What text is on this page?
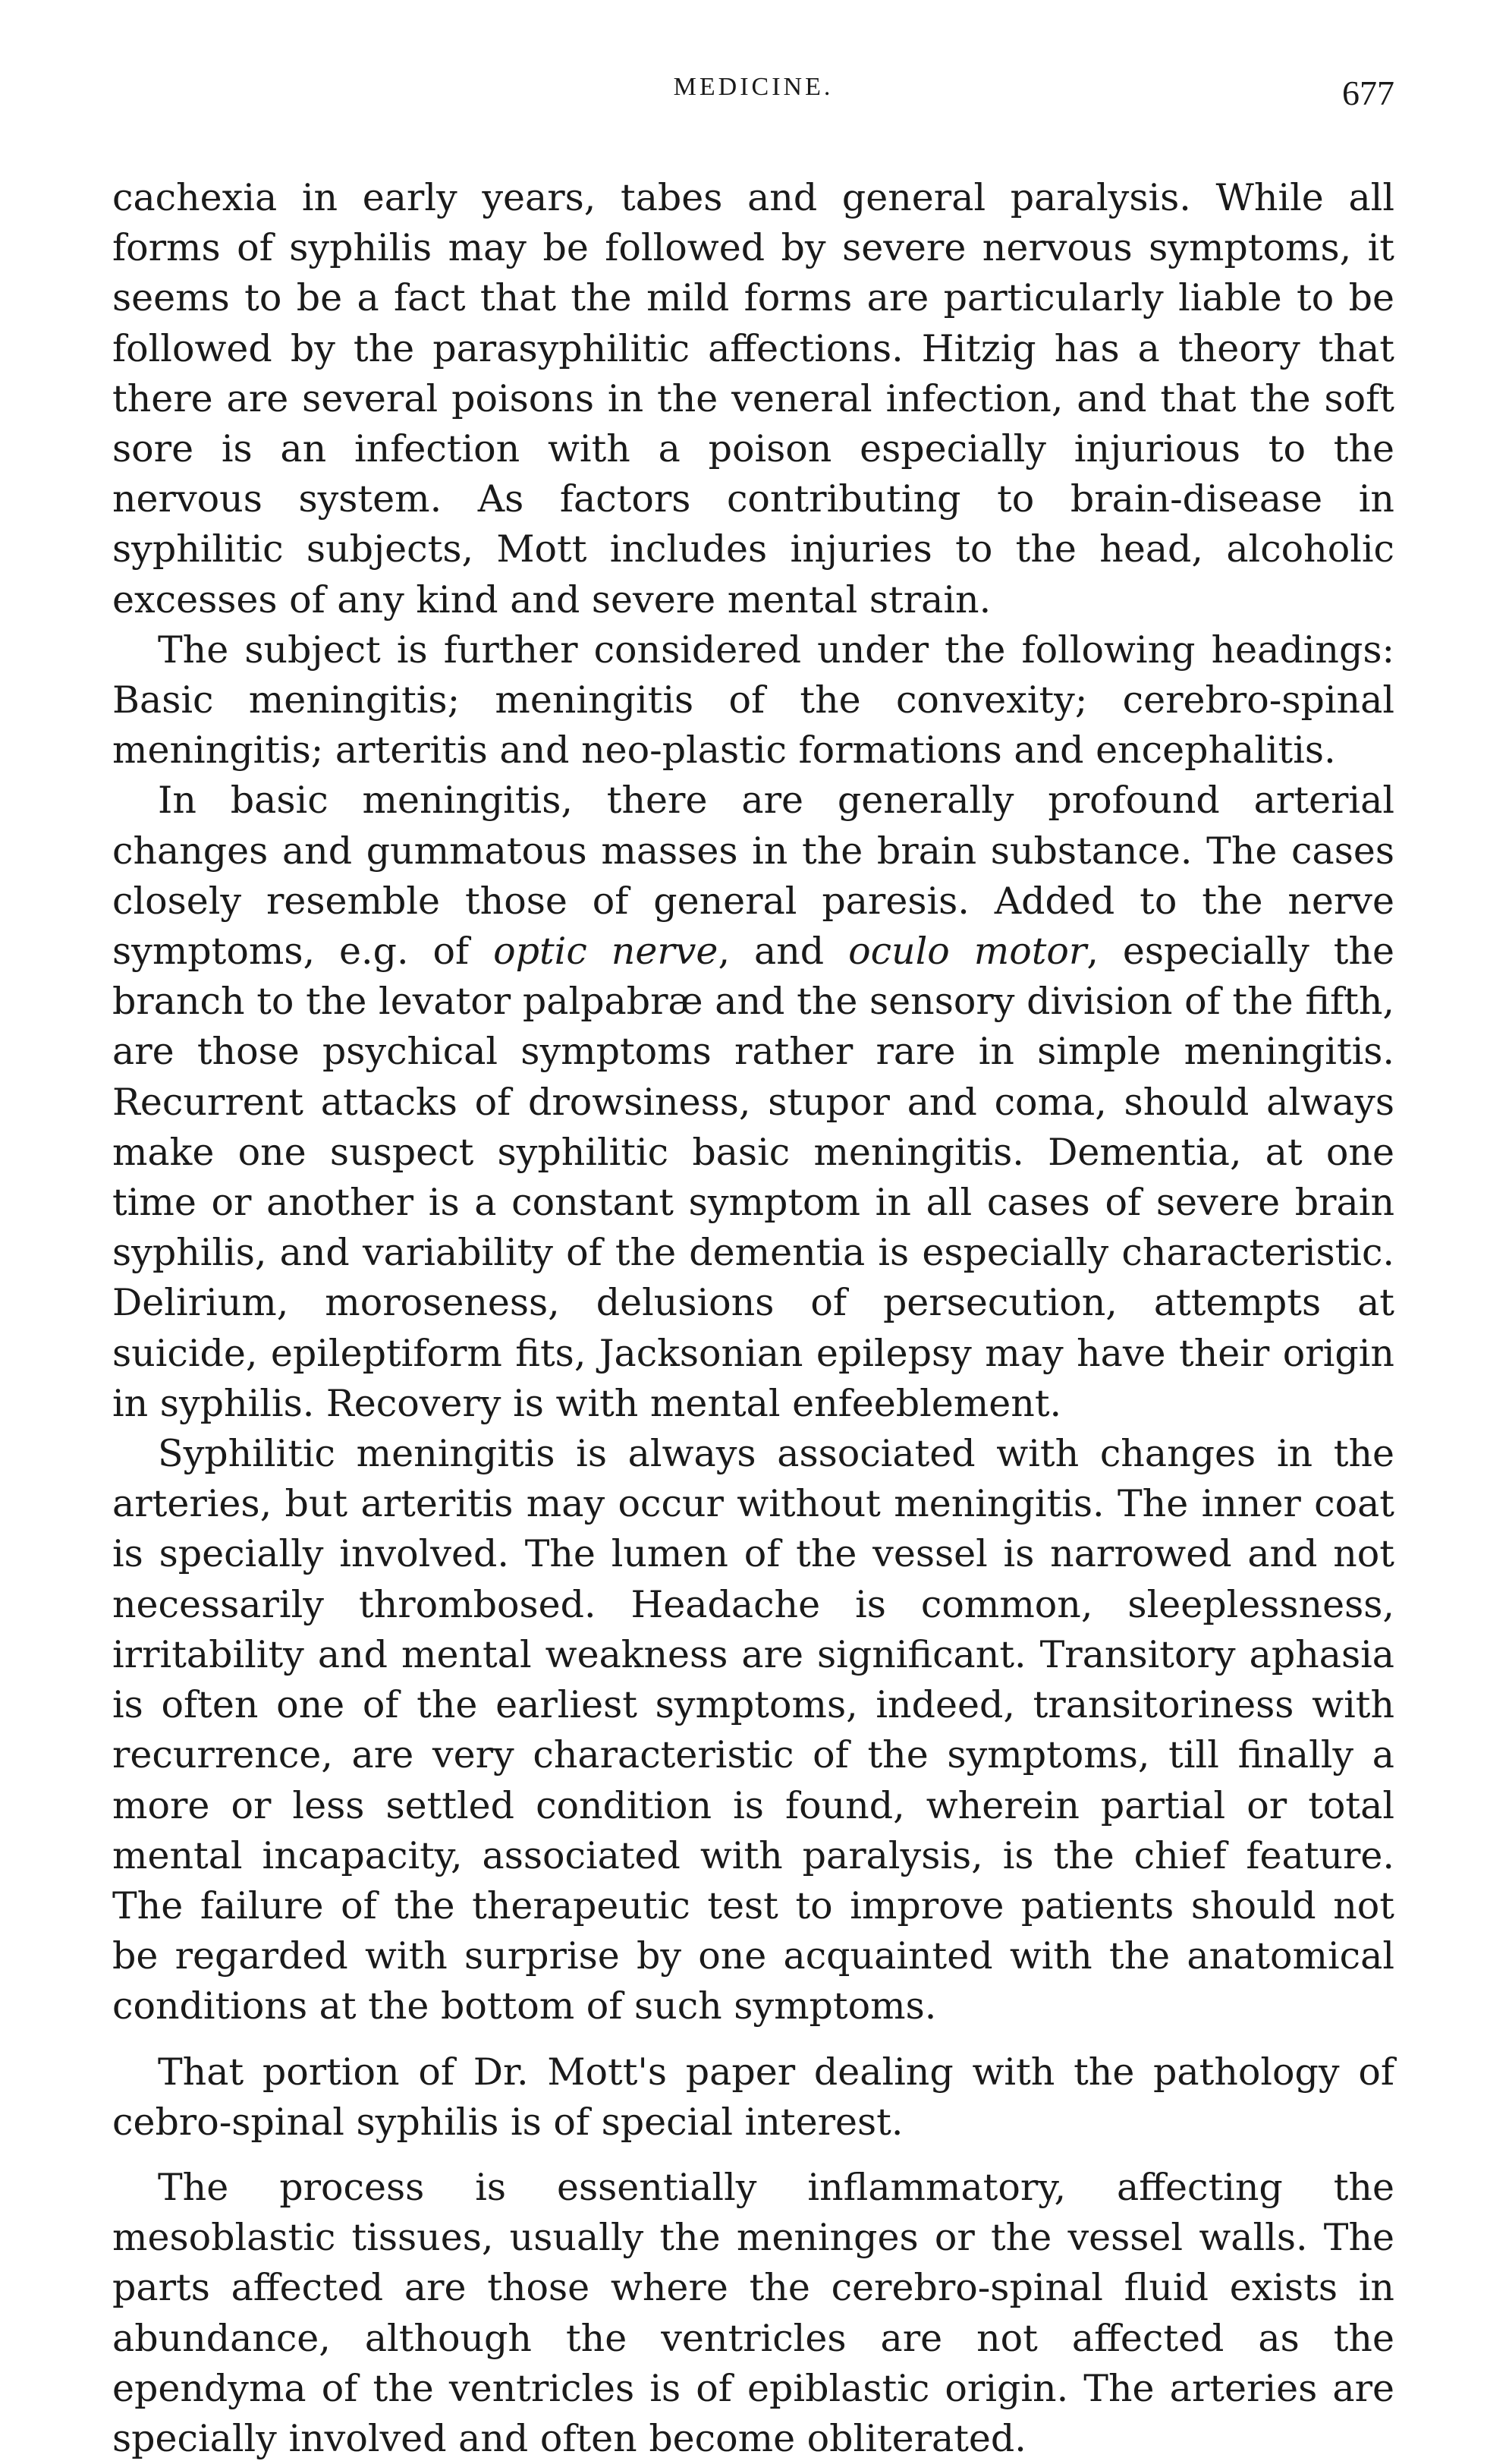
MEDICINE.	677

cachexia in early years, tabes and general paralysis. While all forms of syphilis may be followed by severe nervous symptoms, it seems to be a fact that the mild forms are particularly liable to be followed by the parasyphilitic affections. Hitzig has a theory that there are several poisons in the veneral infection, and that the soft sore is an infection with a poison especially injurious to the nervous system. As factors contributing to brain-disease in syphilitic subjects, Mott includes injuries to the head, alcoholic excesses of any kind and severe mental strain.

The subject is further considered under the following headings: Basic meningitis; meningitis of the convexity; cerebro-spinal meningitis; arteritis and neo-plastic formations and encephalitis.

In basic meningitis, there are generally profound arterial changes and gummatous masses in the brain substance. The cases closely resemble those of general paresis. Added to the nerve symptoms, e.g. of optic nerve, and oculo motor, especially the branch to the levator palpabræ and the sensory division of the fifth, are those psychical symptoms rather rare in simple meningitis. Recurrent attacks of drowsiness, stupor and coma, should always make one suspect syphilitic basic meningitis. Dementia, at one time or another is a constant symptom in all cases of severe brain syphilis, and variability of the dementia is especially characteristic. Delirium, moroseness, delusions of persecution, attempts at suicide, epileptiform fits, Jacksonian epilepsy may have their origin in syphilis. Recovery is with mental enfeeblement.

Syphilitic meningitis is always associated with changes in the arteries, but arteritis may occur without meningitis. The inner coat is specially involved. The lumen of the vessel is narrowed and not necessarily thrombosed. Headache is common, sleeplessness, irritability and mental weakness are significant. Transitory aphasia is often one of the earliest symptoms, indeed, transitoriness with recurrence, are very characteristic of the symptoms, till finally a more or less settled condition is found, wherein partial or total mental incapacity, associated with paralysis, is the chief feature. The failure of the therapeutic test to improve patients should not be regarded with surprise by one acquainted with the anatomical conditions at the bottom of such symptoms.

That portion of Dr. Mott's paper dealing with the pathology of cebro-spinal syphilis is of special interest.

The process is essentially inflammatory, affecting the mesoblastic tissues, usually the meninges or the vessel walls. The parts affected are those where the cerebro-spinal fluid exists in abundance, although the ventricles are not affected as the ependyma of the ventricles is of epiblastic origin. The arteries are specially involved and often become obliterated.
